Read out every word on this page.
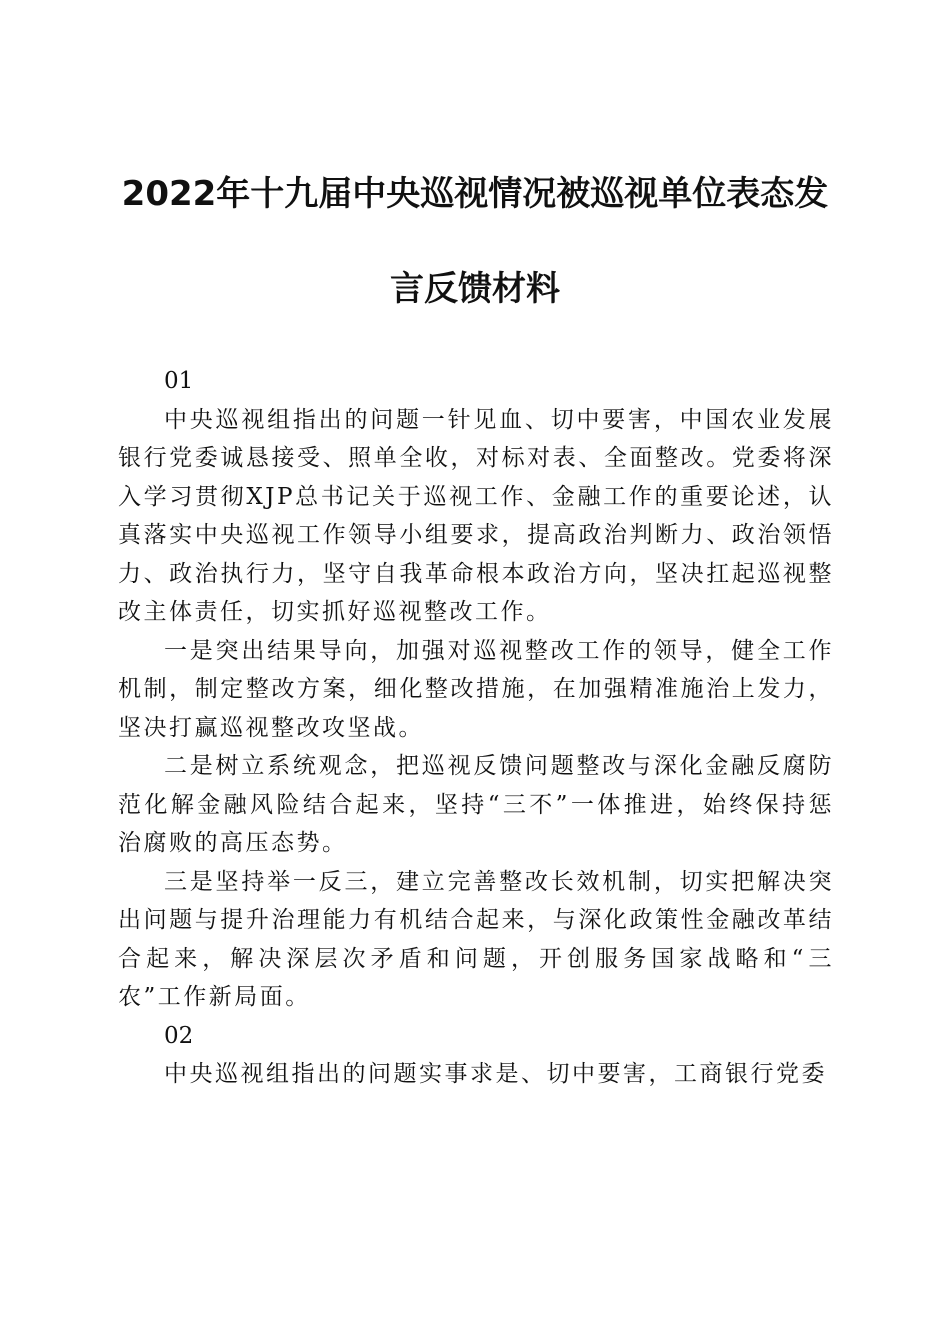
2022年十九届中央巡视情况被巡视单位表态发
言反馈材料

01

中央巡视组指出的问题一针见血、切中要害，中国农业发展银行党委诚恳接受、照单全收，对标对表、全面整改。党委将深入学习贯彻XJP总书记关于巡视工作、金融工作的重要论述，认真落实中央巡视工作领导小组要求，提高政治判断力、政治领悟力、政治执行力，坚守自我革命根本政治方向，坚决扛起巡视整改主体责任，切实抓好巡视整改工作。

一是突出结果导向，加强对巡视整改工作的领导，健全工作机制，制定整改方案，细化整改措施，在加强精准施治上发力，坚决打赢巡视整改攻坚战。

二是树立系统观念，把巡视反馈问题整改与深化金融反腐防范化解金融风险结合起来，坚持“三不”一体推进，始终保持惩治腐败的高压态势。

三是坚持举一反三，建立完善整改长效机制，切实把解决突出问题与提升治理能力有机结合起来，与深化政策性金融改革结合起来，解决深层次矛盾和问题，开创服务国家战略和“三农”工作新局面。

02

中央巡视组指出的问题实事求是、切中要害，工商银行党委
